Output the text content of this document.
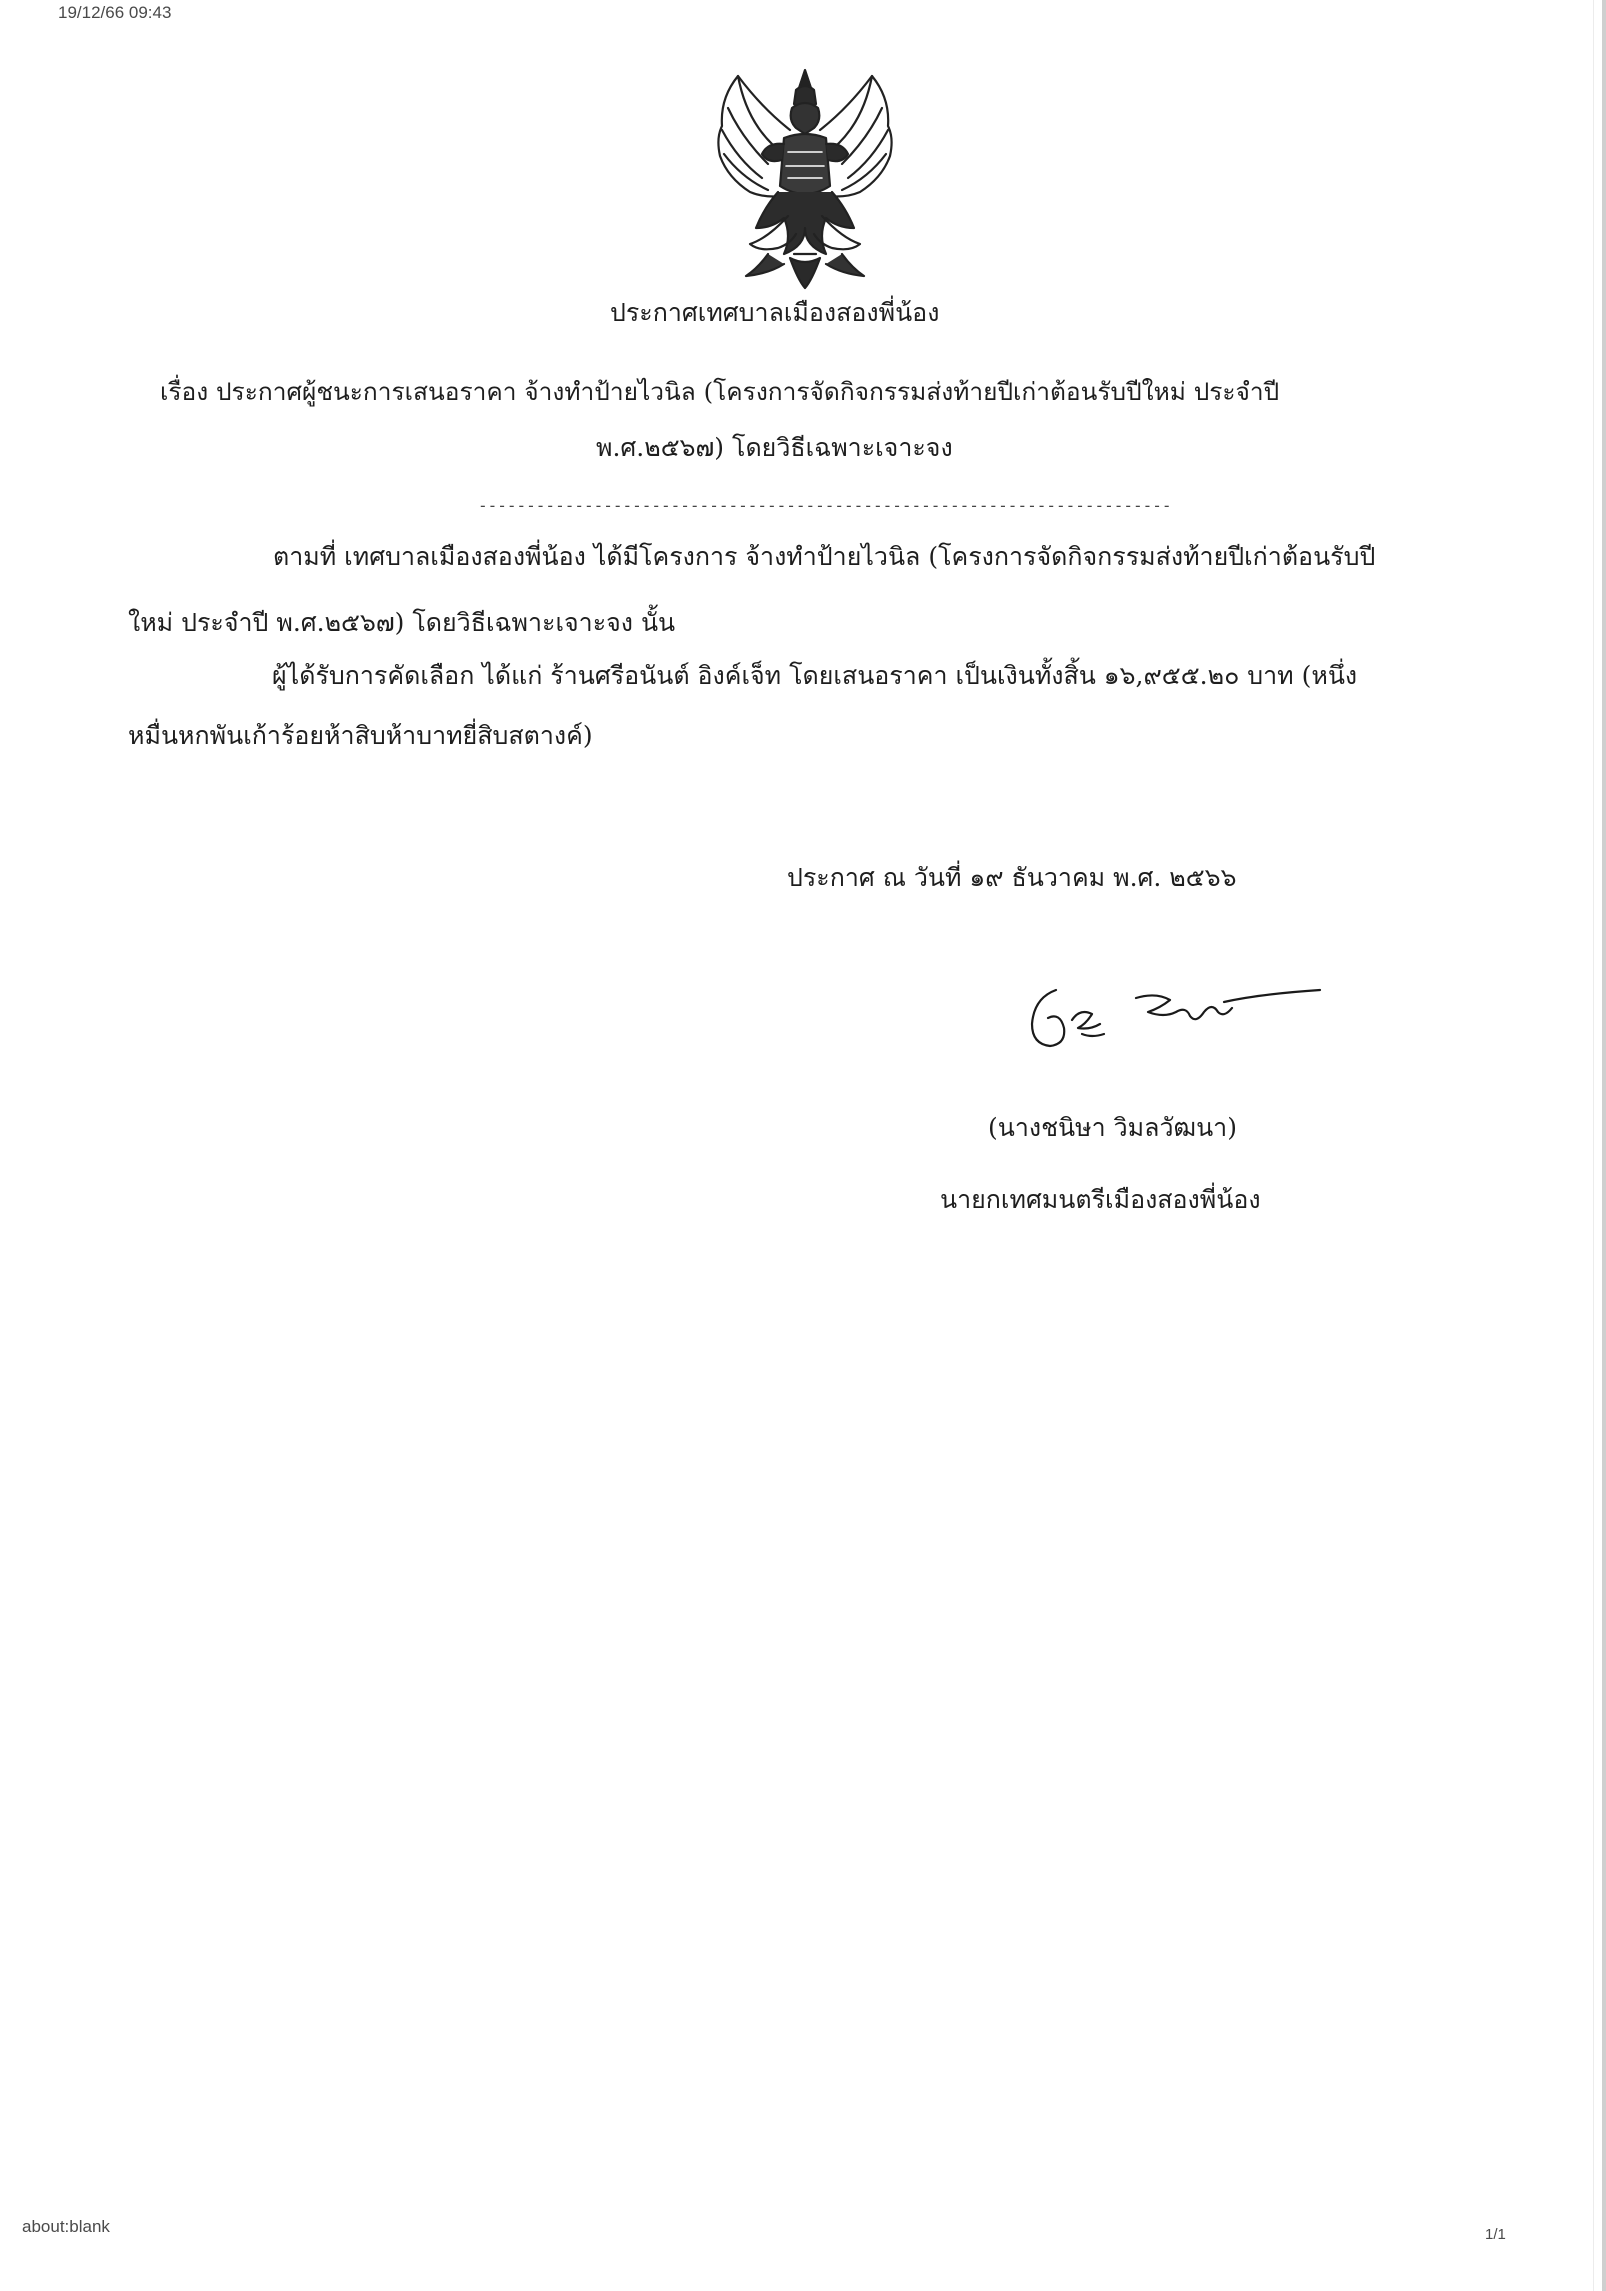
19/12/66 09:43
ประกาศเทศบาลเมืองสองพี่น้อง
เรื่อง ประกาศผู้ชนะการเสนอราคา จ้างทำป้ายไวนิล (โครงการจัดกิจกรรมส่งท้ายปีเก่าต้อนรับปีใหม่ ประจำปี
พ.ศ.๒๕๖๗) โดยวิธีเฉพาะเจาะจง
------------------------------------------------------------------------
ตามที่ เทศบาลเมืองสองพี่น้อง ได้มีโครงการ จ้างทำป้ายไวนิล (โครงการจัดกิจกรรมส่งท้ายปีเก่าต้อนรับปี
ใหม่ ประจำปี พ.ศ.๒๕๖๗) โดยวิธีเฉพาะเจาะจง นั้น
ผู้ได้รับการคัดเลือก ได้แก่ ร้านศรีอนันต์ อิงค์เจ็ท โดยเสนอราคา เป็นเงินทั้งสิ้น ๑๖,๙๕๕.๒๐ บาท (หนึ่ง
หมื่นหกพันเก้าร้อยห้าสิบห้าบาทยี่สิบสตางค์)
ประกาศ ณ วันที่ ๑๙ ธันวาคม พ.ศ. ๒๕๖๖
(นางชนิษา วิมลวัฒนา)
นายกเทศมนตรีเมืองสองพี่น้อง
about:blank	1/1
